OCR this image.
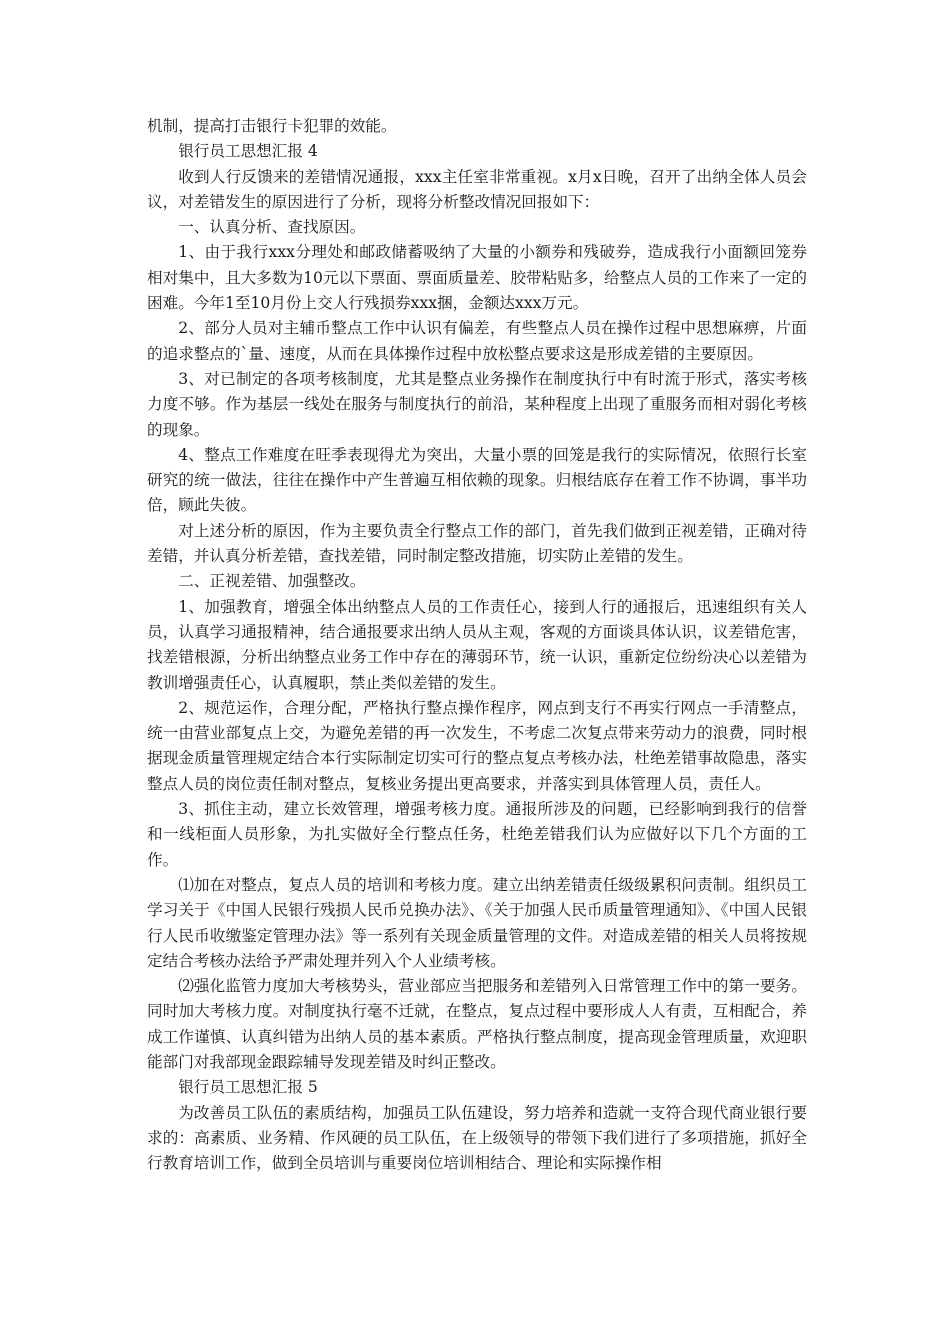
机制，提高打击银行卡犯罪的效能。

银行员工思想汇报 4

收到人行反馈来的差错情况通报，xxx主任室非常重视。x月x日晚，召开了出纳全体人员会议，对差错发生的原因进行了分析，现将分析整改情况回报如下：

一、认真分析、查找原因。

1、由于我行xxx分理处和邮政储蓄吸纳了大量的小额券和残破券，造成我行小面额回笼券相对集中，且大多数为10元以下票面、票面质量差、胶带粘贴多，给整点人员的工作来了一定的困难。今年1至10月份上交人行残损券xxx捆，金额达xxx万元。

2、部分人员对主辅币整点工作中认识有偏差，有些整点人员在操作过程中思想麻痹，片面的追求整点的`量、速度，从而在具体操作过程中放松整点要求这是形成差错的主要原因。

3、对已制定的各项考核制度，尤其是整点业务操作在制度执行中有时流于形式，落实考核力度不够。作为基层一线处在服务与制度执行的前沿，某种程度上出现了重服务而相对弱化考核的现象。

4、整点工作难度在旺季表现得尤为突出，大量小票的回笼是我行的实际情况，依照行长室研究的统一做法，往往在操作中产生普遍互相依赖的现象。归根结底存在着工作不协调，事半功倍，顾此失彼。

对上述分析的原因，作为主要负责全行整点工作的部门，首先我们做到正视差错，正确对待差错，并认真分析差错，查找差错，同时制定整改措施，切实防止差错的发生。

二、正视差错、加强整改。

1、加强教育，增强全体出纳整点人员的工作责任心，接到人行的通报后，迅速组织有关人员，认真学习通报精神，结合通报要求出纳人员从主观，客观的方面谈具体认识，议差错危害，找差错根源，分析出纳整点业务工作中存在的薄弱环节，统一认识，重新定位纷纷决心以差错为教训增强责任心，认真履职，禁止类似差错的发生。

2、规范运作，合理分配，严格执行整点操作程序，网点到支行不再实行网点一手清整点，统一由营业部复点上交，为避免差错的再一次发生，不考虑二次复点带来劳动力的浪费，同时根据现金质量管理规定结合本行实际制定切实可行的整点复点考核办法，杜绝差错事故隐患，落实整点人员的岗位责任制对整点，复核业务提出更高要求，并落实到具体管理人员，责任人。

3、抓住主动，建立长效管理，增强考核力度。通报所涉及的问题，已经影响到我行的信誉和一线柜面人员形象，为扎实做好全行整点任务，杜绝差错我们认为应做好以下几个方面的工作。

⑴加在对整点，复点人员的培训和考核力度。建立出纳差错责任级级累积问责制。组织员工学习关于《中国人民银行残损人民币兑换办法》、《关于加强人民币质量管理通知》、《中国人民银行人民币收缴鉴定管理办法》等一系列有关现金质量管理的文件。对造成差错的相关人员将按规定结合考核办法给予严肃处理并列入个人业绩考核。

⑵强化监管力度加大考核势头，营业部应当把服务和差错列入日常管理工作中的第一要务。同时加大考核力度。对制度执行毫不迁就，在整点，复点过程中要形成人人有责，互相配合，养成工作谨慎、认真纠错为出纳人员的基本素质。严格执行整点制度，提高现金管理质量，欢迎职能部门对我部现金跟踪辅导发现差错及时纠正整改。

银行员工思想汇报 5

为改善员工队伍的素质结构，加强员工队伍建设，努力培养和造就一支符合现代商业银行要求的：高素质、业务精、作风硬的员工队伍，在上级领导的带领下我们进行了多项措施，抓好全行教育培训工作，做到全员培训与重要岗位培训相结合、理论和实际操作相
